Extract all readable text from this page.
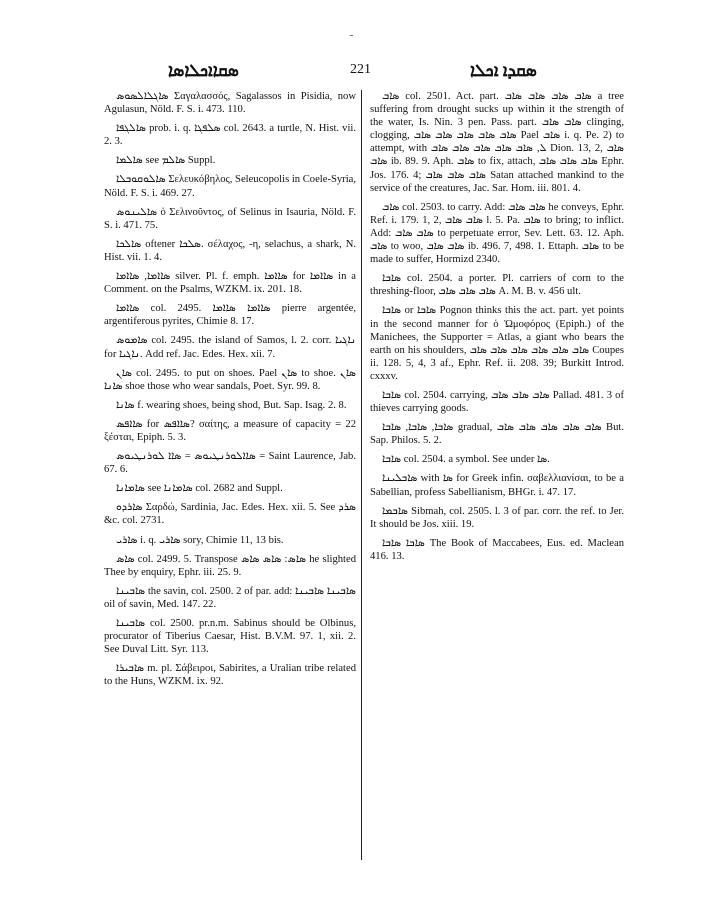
ـ
ܣܩܐܐܟܠܐܣܐ	221	ܣܩܕܐ ܐܟܠܐ

ܣܐܓܠܐܠܣܘܣ Σαγαλασσός, Sagalassos in Pisidia, now Agulasun, Nöld. F. S. i. 473. 110.

ܣܐܠܓܦܐ prob. i. q. ܣܠܦܓܐ col. 2643. a turtle, N. Hist. vii. 2. 3.

ܣܐܠܡܐ see ܣܐܠܡ Suppl.

ܣܐܠܘܩܘܒܠܐ Σελευκόβηλος, Seleucopolis in Coele-Syria, Nöld. F. S. i. 469. 27.

ܣܐܠܝܢܘܣ ὁ Σελινοῦντος, of Selinus in Isauria, Nöld. F. S. i. 471. 75.

ܣܐܠܟܐ oftener ܣܠܟܐ. σέλαχος, -η, selachus, a shark, N. Hist. vii. 1. 4.

ܣܐܐܡܐ, ܣܐܐܡܐ silver. Pl. f. emph. ܣܐܐܡܐ for ܣܐܐܡܐ in a Comment. on the Psalms, WZKM. ix. 201. 18.

ܣܐܐܡܐ col. 2495. ܣܐܐܡܐ ܣܐܐܡܐ pierre argentée, argentiferous pyrites, Chimie 8. 17.

ܣܐܡܘܣ col. 2495. the island of Samos, l. 2. corr. ܢܐܓܝܐ for ܢܐܓܝܐ. Add ref. Jac. Edes. Hex. xii. 7.

ܣܐܢ col. 2495. to put on shoes. Pael ܣܐܢ to shoe. ܣܐܢ ܣܐܢܐ shoe those who wear sandals, Poet. Syr. 99. 8.

ܣܐܢܐ f. wearing shoes, being shod, But. Sap. Isag. 2. 8.

ܣܐܐܦܣ for ܣܐܐܦܣ? σαίτης, a measure of capacity = 22 ξέσται, Epiph. 5. 3.

ܣܐܐܠܘܪܢܛܝܘܣ = ܣܐܐ ܠܘܪܢܛܝܘܣ = Saint Laurence, Jab. 67. 6.

ܣܐܡܐܢܐ see ܣܐܡܐܢܐ col. 2682 and Suppl.

ܣܐܪܕܘ Σαρδώ, Sardinia, Jac. Edes. Hex. xii. 5. See ܣܪܕ &c. col. 2731.

ܣܐܪܝ i. q. ܣܐܪܝ sory, Chimie 11, 13 bis.

ܣܐܣ col. 2499. 5. Transpose ܣܐܣ: ܣܐܣ ܣܐܣ he slighted Thee by enquiry, Ephr. iii. 25. 9.

ܣܐܒܝܢܐ the savin, col. 2500. 2 of par. add: ܣܐܒܝܢܐ ܣܐܒܝܢܐ oil of savin, Med. 147. 22.

ܣܐܒܝܢܐ col. 2500. pr.n.m. Sabinus should be Olbinus, procurator of Tiberius Caesar, Hist. B.V.M. 97. 1, xii. 2. See Duval Litt. Syr. 113.

ܣܐܒܝܪܐ m. pl. Σάβειροι, Sabirites, a Uralian tribe related to the Huns, WZKM. ix. 92.

ܣܐܒ col. 2501. Act. part. ܣܐܒ ܣܐܒ ܣܐܒ ܣܐܒ a tree suffering from drought sucks up within it the strength of the water, Is. Nin. 3 pen. Pass. part. ܣܐܒ ܣܐܒ clinging, clogging, ܣܐܒ ܣܐܒ ܣܐܒ ܣܐܒ ܣܐܒ Pael ܣܐܒ i. q. Pe. 2) to attempt, with ܠ, ܣܐܒ ܣܐܒ ܣܐܒ ܣܐܒ ܣܐܒ Dion. 13, 2, ܣܐܒ ܣܐܒ ib. 89. 9. Aph. ܣܐܒ to fix, attach, ܣܐܒ ܣܐܒ ܣܐܒ Ephr. Jos. 176. 4; ܣܐܒ ܣܐܒ ܣܐܒ Satan attached mankind to the service of the creatures, Jac. Sar. Hom. iii. 801. 4.

ܣܐܒ col. 2503. to carry. Add: ܣܐܒ ܣܐܒ he conveys, Ephr. Ref. i. 179. 1, 2, ܣܐܒ ܣܐܒ l. 5. Pa. ܣܐܒ to bring; to inflict. Add: ܣܐܒ ܣܐܒ to perpetuate error, Sev. Lett. 63. 12. Aph. ܣܐܒ to woo, ܣܐܒ ܣܐܒ ib. 496. 7, 498. 1. Ettaph. ܣܐܒ to be made to suffer, Hormizd 2340.

ܣܐܒܐ col. 2504. a porter. Pl. carriers of corn to the threshing-floor, ܣܐܒ ܣܐܒ ܣܐܒ A. M. B. v. 456 ult.

ܣܐܒܐ or ܣܐܒܐ Pognon thinks this the act. part. yet points in the second manner for ὁ Ὠμοφόρος (Epiph.) of the Manichees, the Supporter = Atlas, a giant who bears the earth on his shoulders, ܣܐܒ ܣܐܒ ܣܐܒ ܣܐܒ ܣܐܒ ܣܐܒ Coupes ii. 128. 5, 4, 3 af., Ephr. Ref. ii. 208. 39; Burkitt Introd. cxxxv.

ܣܐܒܐ col. 2504. carrying, ܣܐܒ ܣܐܒ ܣܐܒ Pallad. 481. 3 of thieves carrying goods.

ܣܐܒܐ, ܣܐܒܐ, ܣܐܒܐ gradual, ܣܐܒ ܣܐܒ ܣܐܒ ܣܐܒ ܣܐܒ But. Sap. Philos. 5. 2.

ܣܐܒܐ col. 2504. a symbol. See under ܣܐ.

ܣܐܒܠܝܢܐ with ܣܐ for Greek infin. σαβελλιανίσαι, to be a Sabellian, profess Sabellianism, BHGr. i. 47. 17.

ܣܐܒܡܐ Sibmah, col. 2505. l. 3 of par. corr. the ref. to Jer. It should be Jos. xiii. 19.

ܣܐܒܐ ܣܐܒܐ The Book of Maccabees, Eus. ed. Maclean 416. 13.
